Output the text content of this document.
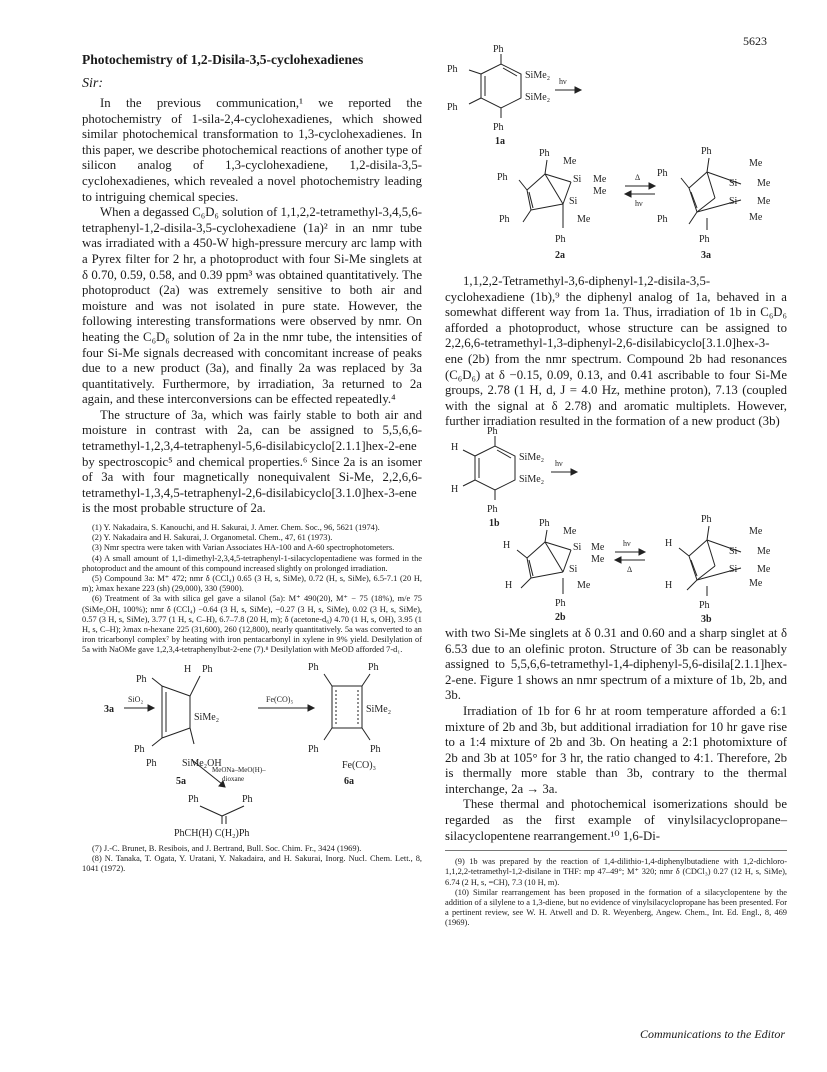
5623
Photochemistry of 1,2-Disila-3,5-cyclohexadienes
Sir:

In the previous communication,¹ we reported the photochemistry of 1-sila-2,4-cyclohexadienes, which showed similar photochemical transformation to 1,3-cyclohexadienes. In this paper, we describe photochemical reactions of another type of silicon analog of 1,3-cyclohexadiene, 1,2-disila-3,5-cyclohexadienes, which revealed a novel photochemistry leading to intriguing chemical species.

When a degassed C₆D₆ solution of 1,1,2,2-tetramethyl-3,4,5,6-tetraphenyl-1,2-disila-3,5-cyclohexadiene (1a)² in an nmr tube was irradiated with a 450-W high-pressure mercury arc lamp with a Pyrex filter for 2 hr, a photoproduct with four Si-Me singlets at δ 0.70, 0.59, 0.58, and 0.39 ppm³ was obtained quantitatively. The photoproduct (2a) was extremely sensitive to both air and moisture and was not isolated in pure state. However, the following interesting transformations were observed by nmr. On heating the C₆D₆ solution of 2a in the nmr tube, the intensities of four Si-Me signals decreased with concomitant increase of peaks due to a new product (3a), and finally 2a was replaced by 3a quantitatively. Furthermore, by irradiation, 3a returned to 2a again, and these interconversions can be effected repeatedly.⁴

The structure of 3a, which was fairly stable to both air and moisture in contrast with 2a, can be assigned to 5,5,6,6-tetramethyl-1,2,3,4-tetraphenyl-5,6-disilabicyclo[2.1.1]hex-2-ene by spectroscopic⁵ and chemical properties.⁶ Since 2a is an isomer of 3a with four magnetically nonequivalent Si-Me, 2,2,6,6-tetramethyl-1,3,4,5-tetraphenyl-2,6-disilabicyclo[3.1.0]hex-3-ene is the most probable structure of 2a.

(1) Y. Nakadaira, S. Kanouchi, and H. Sakurai, J. Amer. Chem. Soc., 96, 5621 (1974).

(2) Y. Nakadaira and H. Sakurai, J. Organometal. Chem., 47, 61 (1973).

(3) Nmr spectra were taken with Varian Associates HA-100 and A-60 spectrophotometers.

(4) A small amount of 1,1-dimethyl-2,3,4,5-tetraphenyl-1-silacyclopentadiene was formed in the photoproduct and the amount of this compound increased slightly on prolonged irradiation.

(5) Compound 3a: M⁺ 472; nmr δ (CCl₄) 0.65 (3 H, s, SiMe), 0.72 (H, s, SiMe), 6.5-7.1 (20 H, m); λmax hexane 223 (sh) (29,000), 330 (5900).

(6) Treatment of 3a with silica gel gave a silanol (5a): M⁺ 490(20), M⁺ − 75 (18%), m/e 75 (SiMe₂OH, 100%); nmr δ (CCl₄) −0.64 (3 H, s, SiMe), −0.27 (3 H, s, SiMe), 0.02 (3 H, s, SiMe), 0.57 (3 H, s, SiMe), 3.77 (1 H, s, C–H), 6.7–7.8 (20 H, m); δ (acetone-d₆) 4.70 (1 H, s, OH), 3.95 (1 H, s, C–H); λmax n-hexane 225 (31,600), 260 (12,800), nearly quantitatively. 5a was converted to an iron tricarbonyl complex⁷ by heating with iron pentacarbonyl in xylene in 9% yield. Desilylation of 5a with NaOMe gave 1,2,3,4-tetraphenylbut-2-ene (7).⁸ Desilylation with MeOD afforded 7-d₁.

3a
SiO₂
H Ph
Ph
SiMe₂
Ph
Ph	SiMe₂OH
5a
Fe(CO)₅
Ph	Ph
SiMe₂
Ph	Ph
Fe(CO)₃
6a
MeONa–MeO(H)–
dioxane
Ph	Ph
PhCH(H) C(H₂)Ph

(7) J.-C. Brunet, B. Resibois, and J. Bertrand, Bull. Soc. Chim. Fr., 3424 (1969).

(8) N. Tanaka, T. Ogata, Y. Uratani, Y. Nakadaira, and H. Sakurai, Inorg. Nucl. Chem. Lett., 8, 1041 (1972).

Ph
Ph
SiMe₂
SiMe₂
Ph
Ph
1a
hν
Ph
Me
Ph	Si Me
Me
Si
Ph	Me
Ph
2a
Δ
hν
Ph
Me
Ph
Si Me
Si Me
Ph	Me
Ph
3a

1,1,2,2-Tetramethyl-3,6-diphenyl-1,2-disila-3,5-cyclohexadiene (1b),⁹ the diphenyl analog of 1a, behaved in a somewhat different way from 1a. Thus, irradiation of 1b in C₆D₆ afforded a photoproduct, whose structure can be assigned to 2,2,6,6-tetramethyl-1,3-diphenyl-2,6-disilabicyclo[3.1.0]hex-3-ene (2b) from the nmr spectrum. Compound 2b had resonances (C₆D₆) at δ −0.15, 0.09, 0.13, and 0.41 ascribable to four Si-Me groups, 2.78 (1 H, d, J = 4.0 Hz, methine proton), 7.13 (coupled with the signal at δ 2.78) and aromatic multiplets. However, further irradiation resulted in the formation of a new product (3b)

Ph
H
SiMe₂
SiMe₂
H
Ph
1b
hν
Ph
Me
H	Si Me
Me
Si
H	Me
Ph
2b
hν
Δ
Ph
Me
H
Si Me
Si Me
H	Me
Ph
3b

with two Si-Me singlets at δ 0.31 and 0.60 and a sharp singlet at δ 6.53 due to an olefinic proton. Structure of 3b can be reasonably assigned to 5,5,6,6-tetramethyl-1,4-diphenyl-5,6-disila[2.1.1]hex-2-ene. Figure 1 shows an nmr spectrum of a mixture of 1b, 2b, and 3b.

Irradiation of 1b for 6 hr at room temperature afforded a 6:1 mixture of 2b and 3b, but additional irradiation for 10 hr gave rise to a 1:4 mixture of 2b and 3b. On heating a 2:1 photomixture of 2b and 3b at 105° for 3 hr, the ratio changed to 4:1. Therefore, 2b is thermally more stable than 3b, contrary to the thermal interchange, 2a → 3a.

These thermal and photochemical isomerizations should be regarded as the first example of vinylsilacyclopropane–silacyclopentene rearrangement.¹⁰ 1,6-Di-

(9) 1b was prepared by the reaction of 1,4-dilithio-1,4-diphenylbutadiene with 1,2-dichloro-1,1,2,2-tetramethyl-1,2-disilane in THF: mp 47–49°; M⁺ 320; nmr δ (CDCl₃) 0.27 (12 H, s, SiMe), 6.74 (2 H, s, =CH), 7.3 (10 H, m).

(10) Similar rearrangement has been proposed in the formation of a silacyclopentene by the addition of a silylene to a 1,3-diene, but no evidence of vinylsilacyclopropane has been presented. For a pertinent review, see W. H. Atwell and D. R. Weyenberg, Angew. Chem., Int. Ed. Engl., 8, 469 (1969).

Communications to the Editor
